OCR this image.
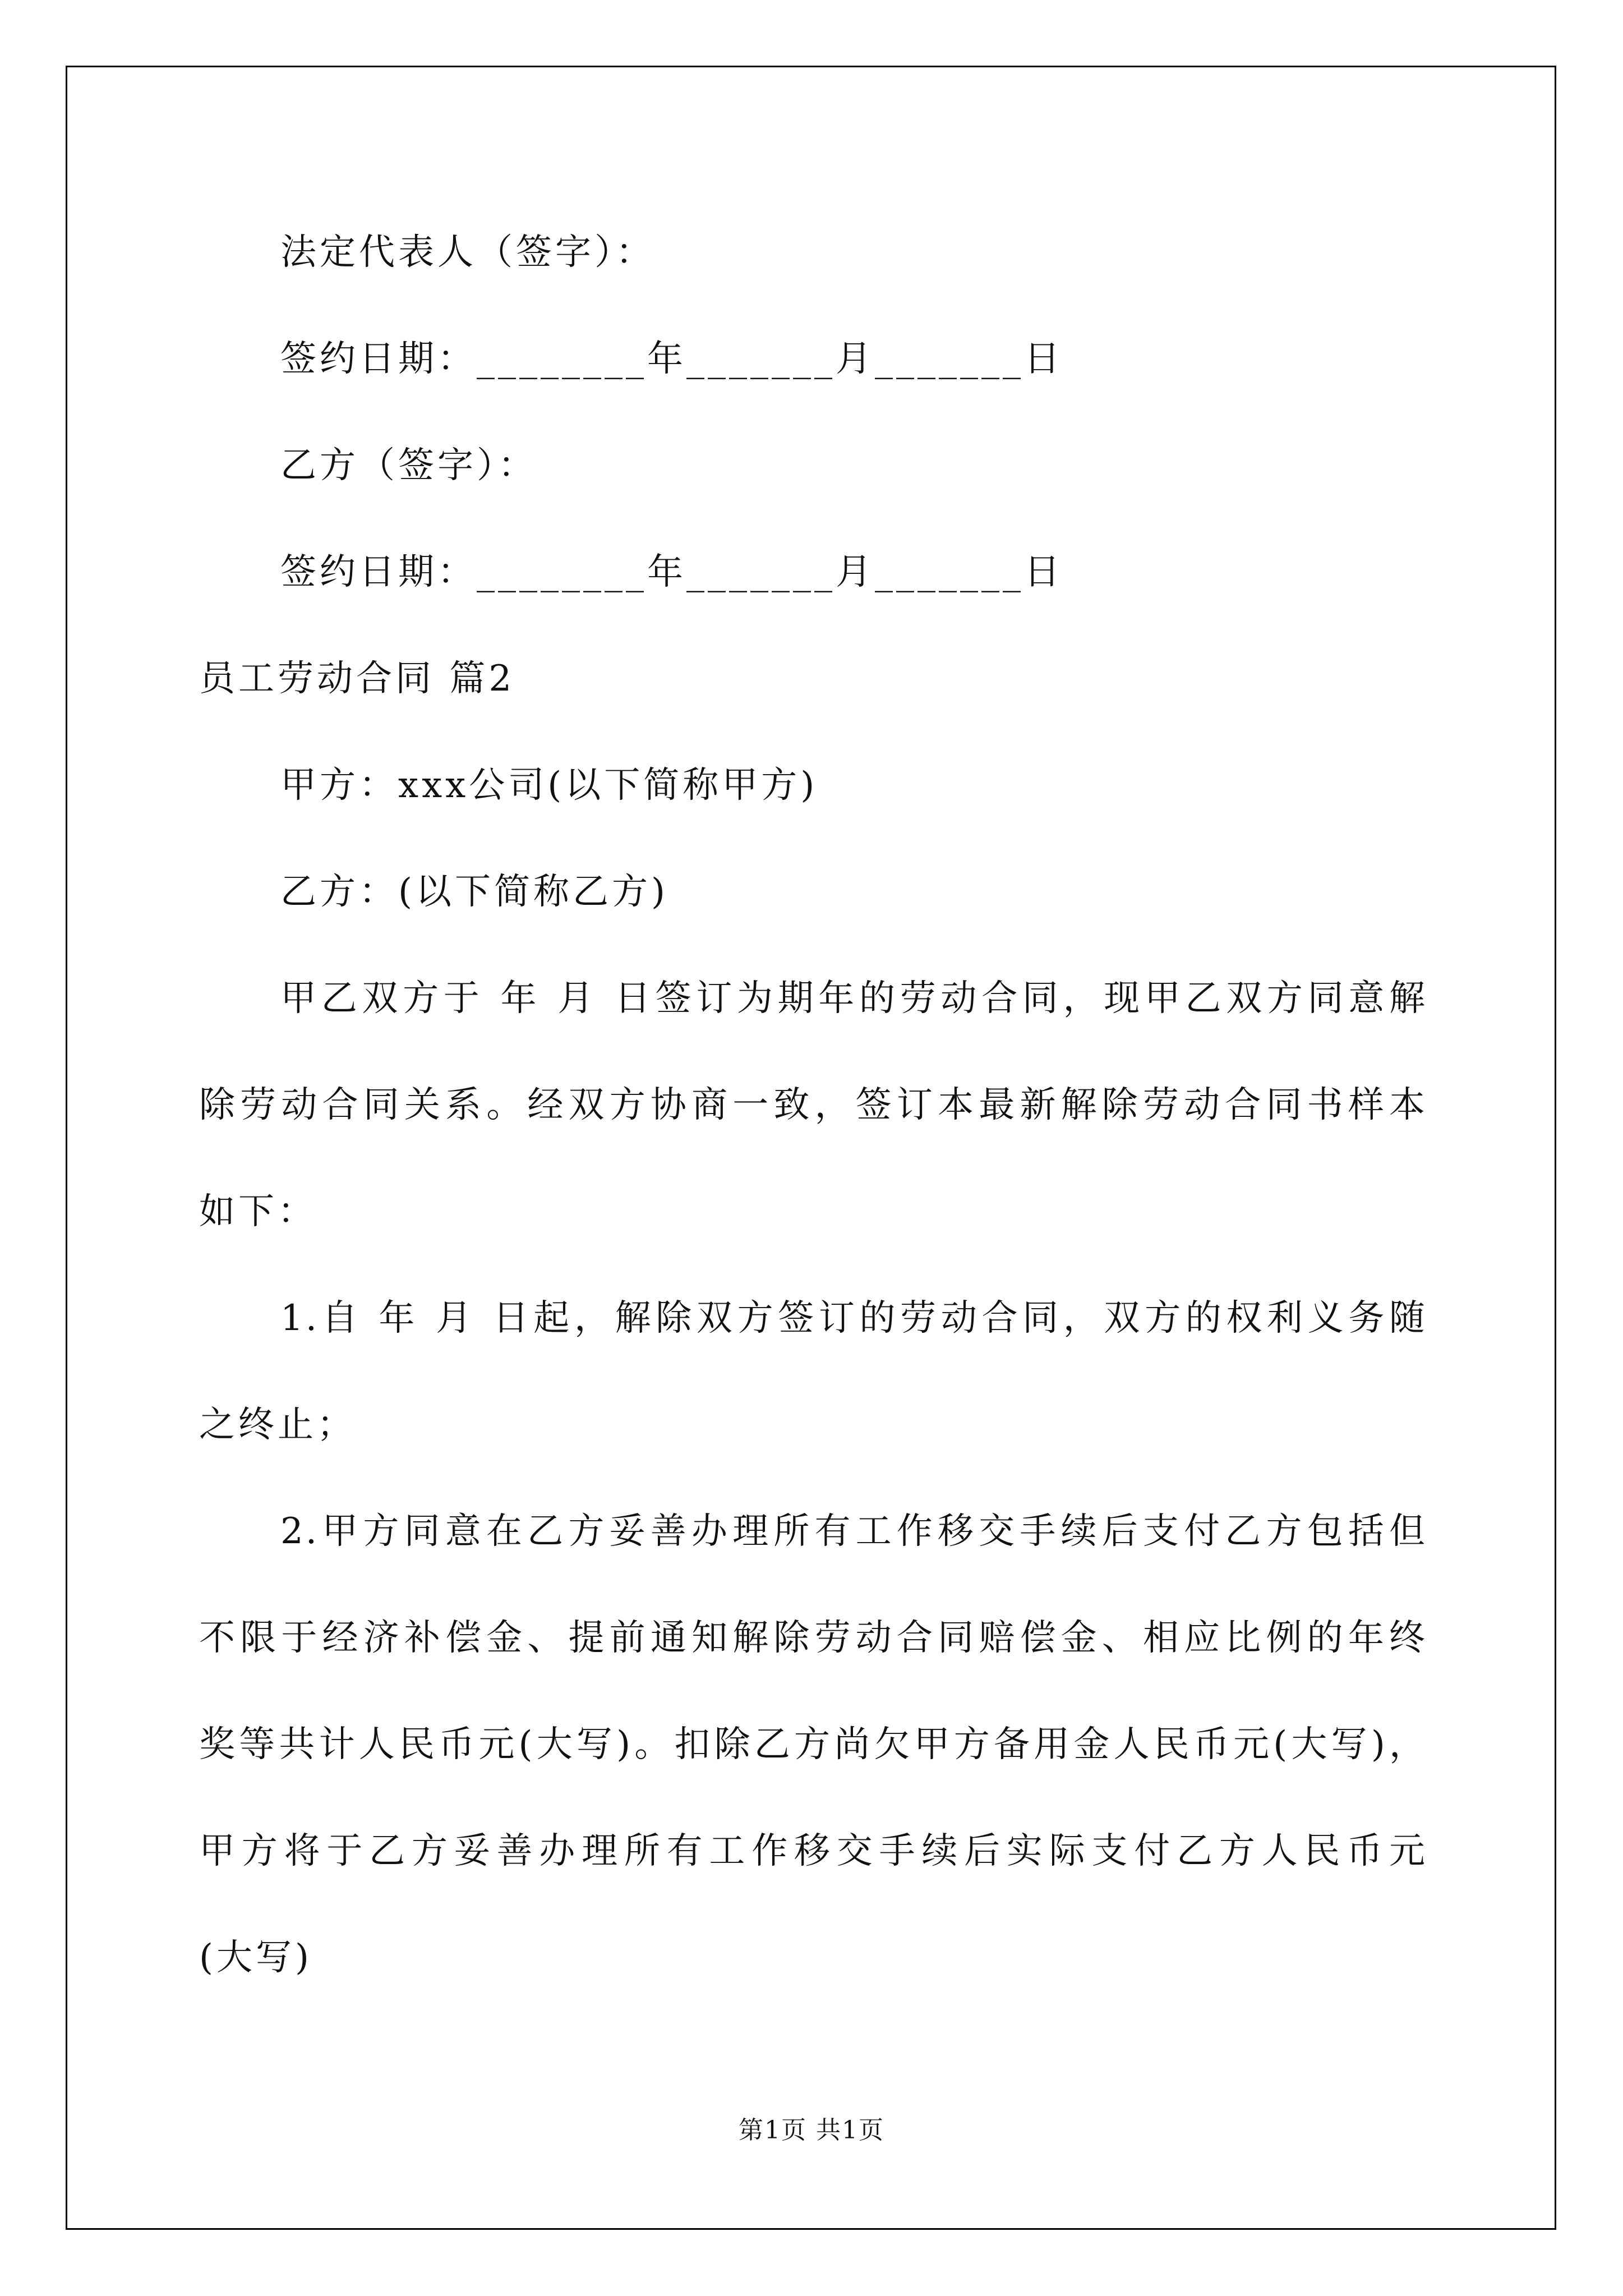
法定代表人（签字）：

签约日期：________年_______月_______日

乙方（签字）：

签约日期：________年_______月_______日

员工劳动合同 篇2

甲方：xxx公司(以下简称甲方)

乙方：(以下简称乙方)

甲乙双方于 年 月 日签订为期年的劳动合同，现甲乙双方同意解

除劳动合同关系。经双方协商一致，签订本最新解除劳动合同书样本

如下：

1.自 年 月 日起，解除双方签订的劳动合同，双方的权利义务随

之终止；

2.甲方同意在乙方妥善办理所有工作移交手续后支付乙方包括但

不限于经济补偿金、提前通知解除劳动合同赔偿金、相应比例的年终

奖等共计人民币元(大写)。扣除乙方尚欠甲方备用金人民币元(大写)，

甲方将于乙方妥善办理所有工作移交手续后实际支付乙方人民币元

(大写)

第1页 共1页
